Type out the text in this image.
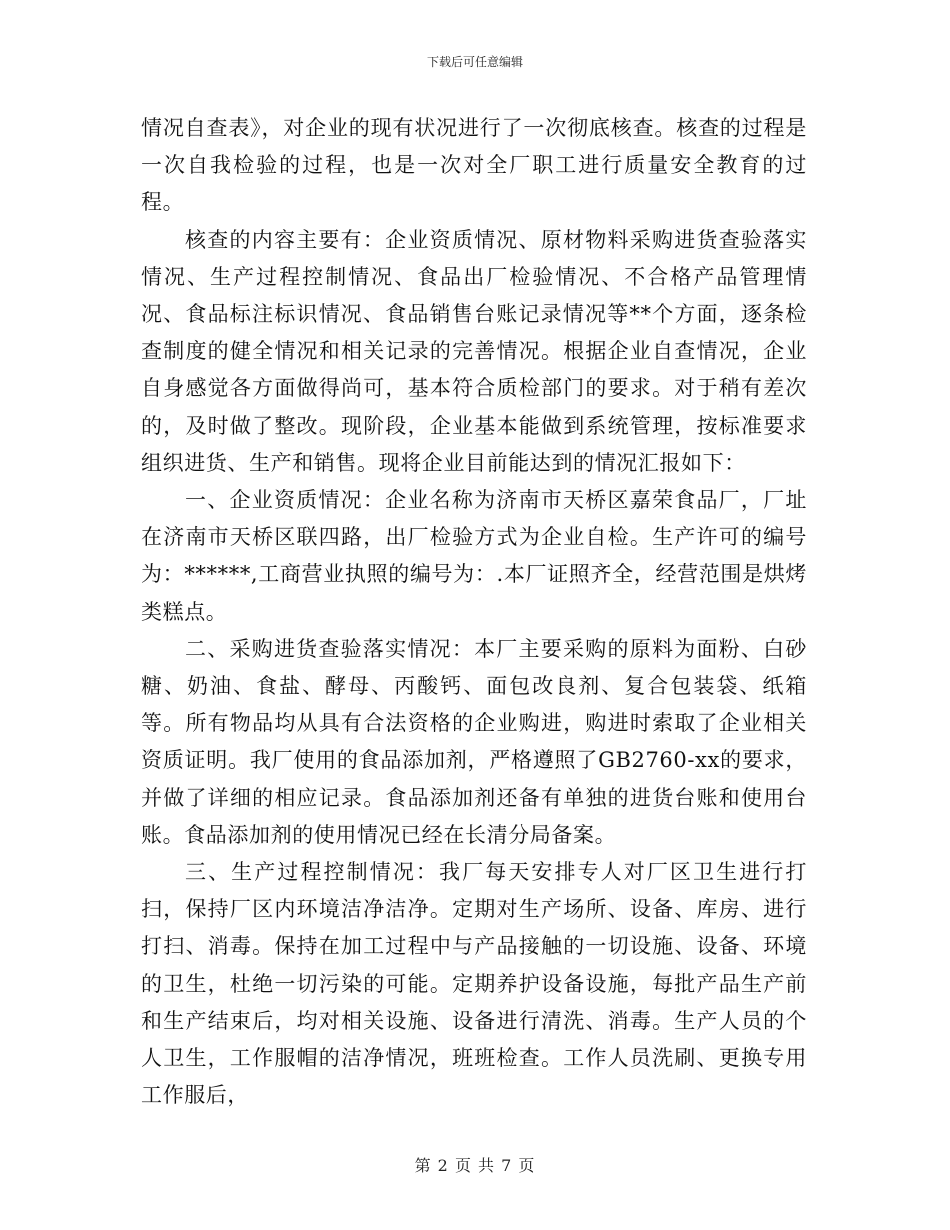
下载后可任意编辑

情况自查表》，对企业的现有状况进行了一次彻底核查。核查的过程是一次自我检验的过程，也是一次对全厂职工进行质量安全教育的过程。

核查的内容主要有：企业资质情况、原材物料采购进货查验落实情况、生产过程控制情况、食品出厂检验情况、不合格产品管理情况、食品标注标识情况、食品销售台账记录情况等**个方面，逐条检查制度的健全情况和相关记录的完善情况。根据企业自查情况，企业自身感觉各方面做得尚可，基本符合质检部门的要求。对于稍有差次的，及时做了整改。现阶段，企业基本能做到系统管理，按标准要求组织进货、生产和销售。现将企业目前能达到的情况汇报如下：

一、企业资质情况：企业名称为济南市天桥区嘉荣食品厂，厂址在济南市天桥区联四路，出厂检验方式为企业自检。生产许可的编号为：******,工商营业执照的编号为：.本厂证照齐全，经营范围是烘烤类糕点。

二、采购进货查验落实情况：本厂主要采购的原料为面粉、白砂糖、奶油、食盐、酵母、丙酸钙、面包改良剂、复合包装袋、纸箱等。所有物品均从具有合法资格的企业购进，购进时索取了企业相关资质证明。我厂使用的食品添加剂，严格遵照了GB2760-xx的要求，并做了详细的相应记录。食品添加剂还备有单独的进货台账和使用台账。食品添加剂的使用情况已经在长清分局备案。

三、生产过程控制情况：我厂每天安排专人对厂区卫生进行打扫，保持厂区内环境洁净洁净。定期对生产场所、设备、库房、进行打扫、消毒。保持在加工过程中与产品接触的一切设施、设备、环境的卫生，杜绝一切污染的可能。定期养护设备设施，每批产品生产前和生产结束后，均对相关设施、设备进行清洗、消毒。生产人员的个人卫生，工作服帽的洁净情况，班班检查。工作人员洗刷、更换专用工作服后，

第 2 页 共 7 页
